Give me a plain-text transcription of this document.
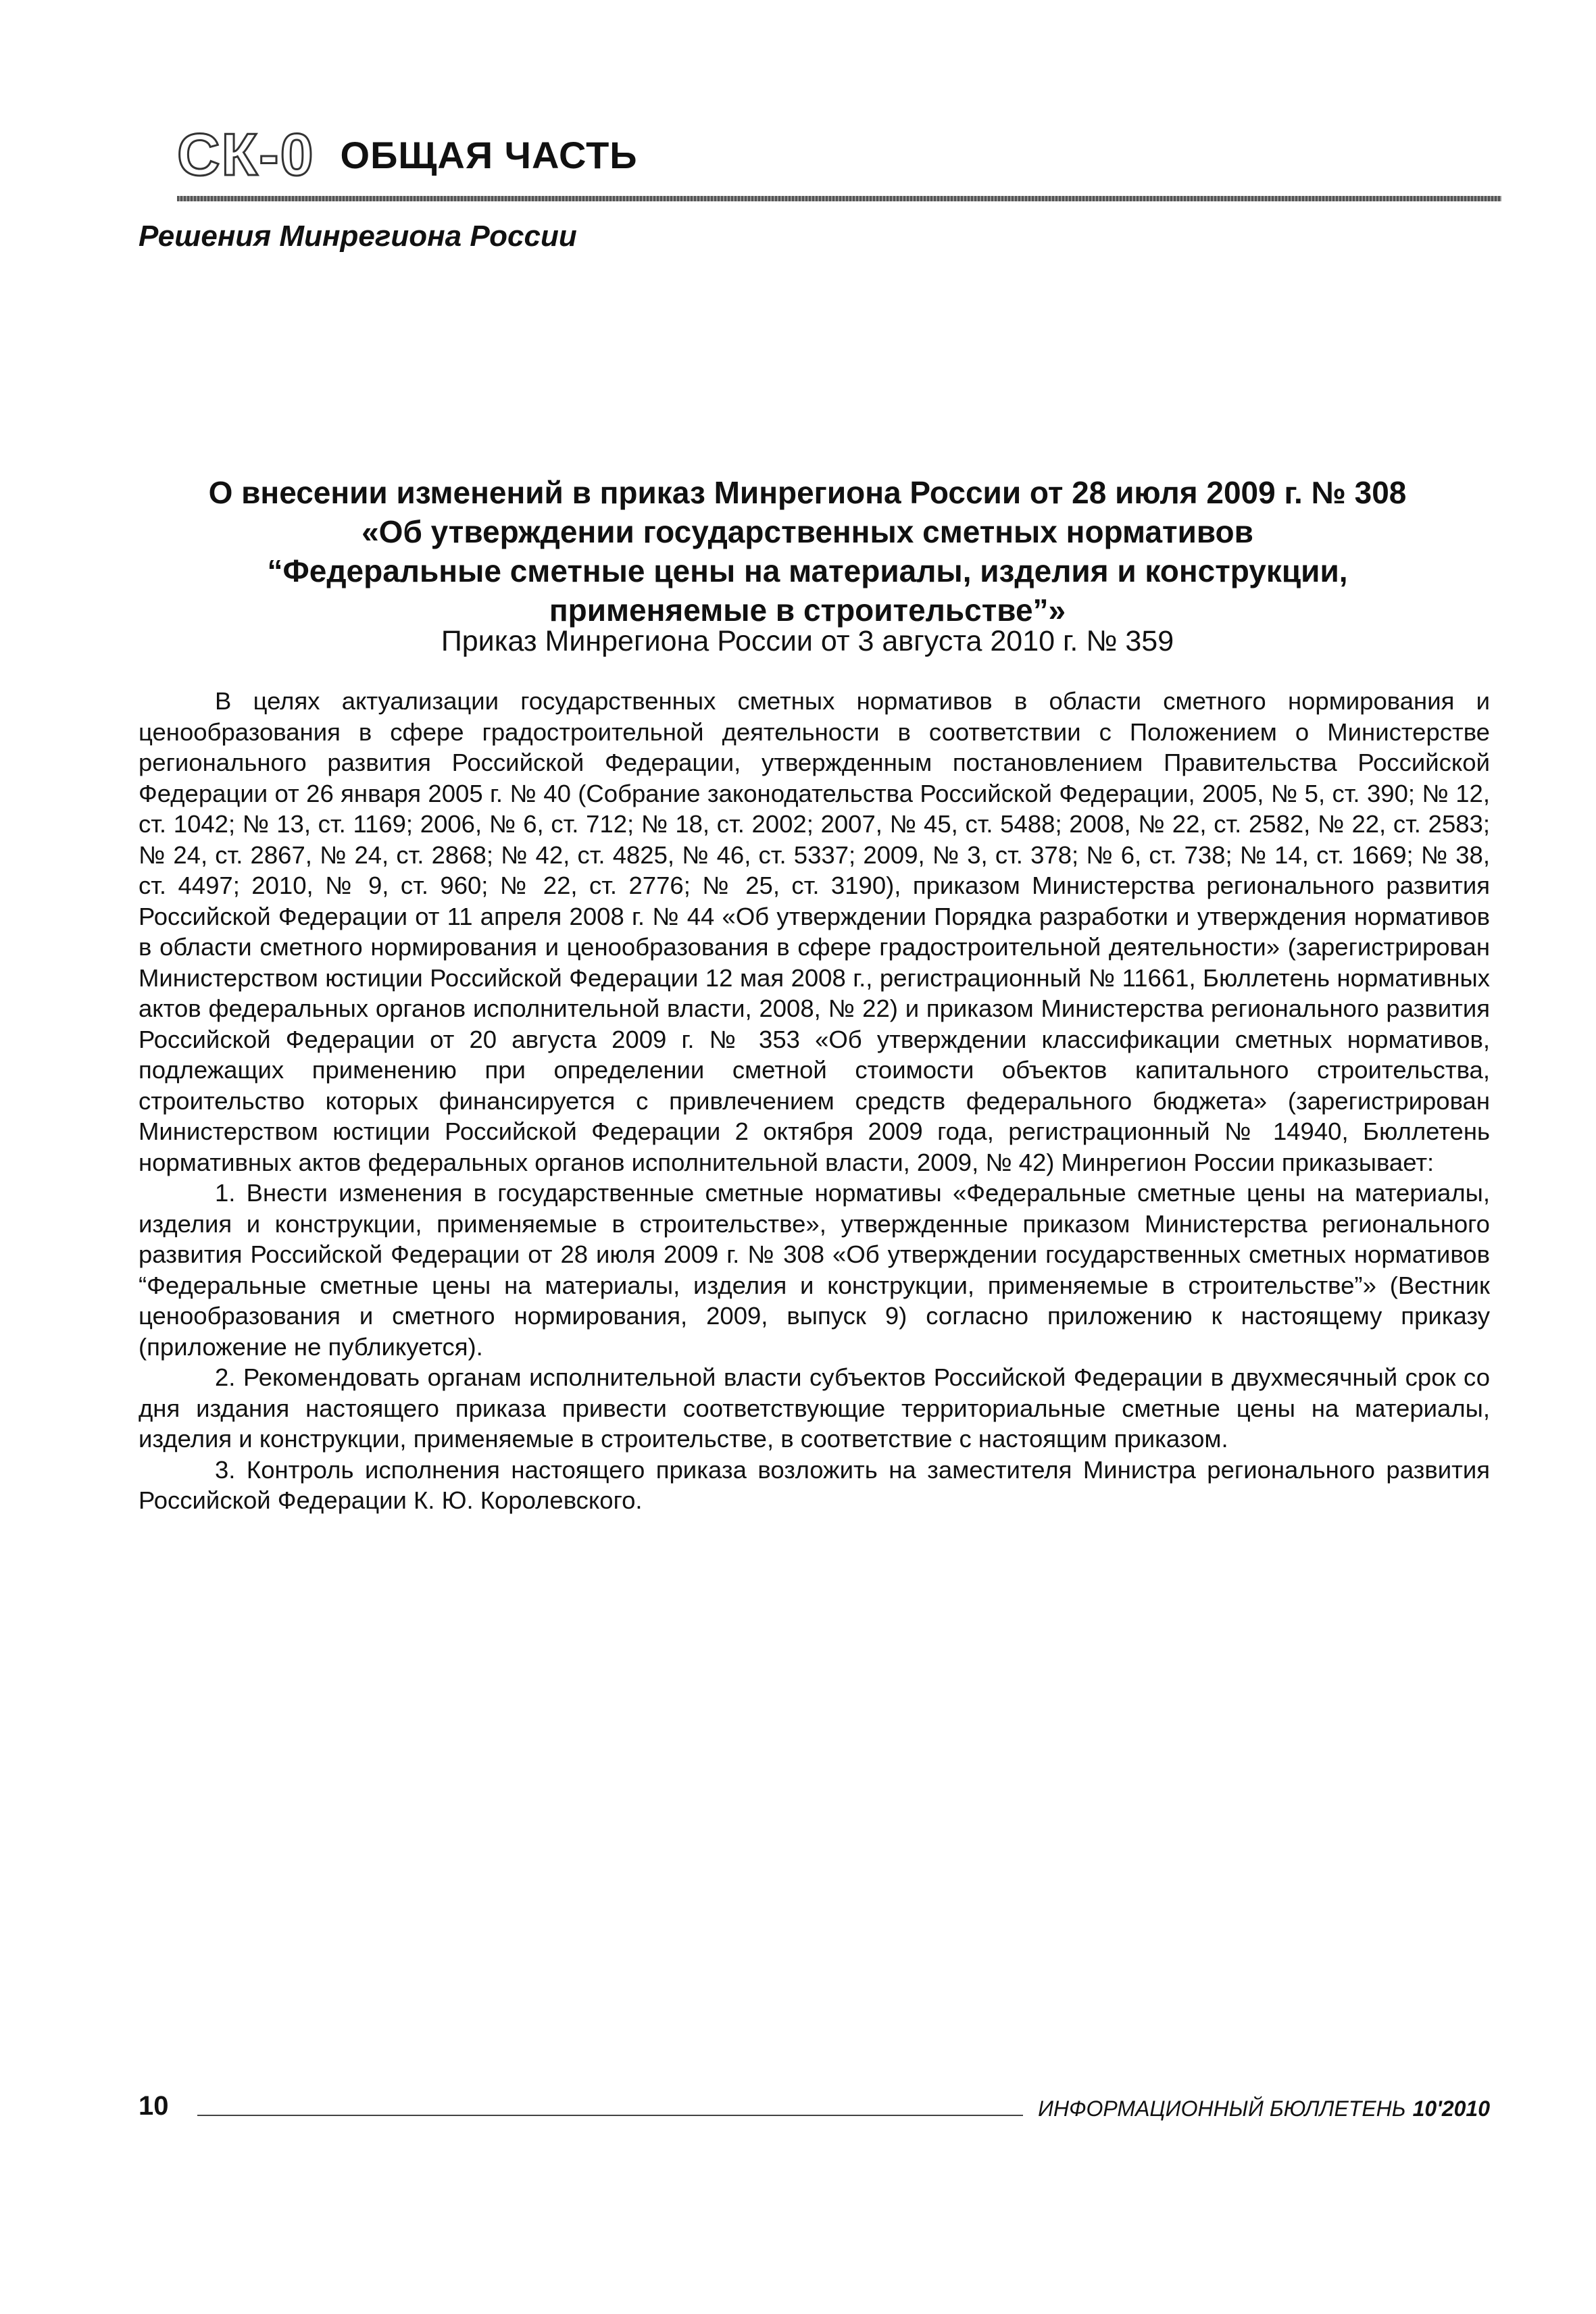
СК-0 ОБЩАЯ ЧАСТЬ
Решения Минрегиона России
О внесении изменений в приказ Минрегиона России от 28 июля 2009 г. № 308
«Об утверждении государственных сметных нормативов
“Федеральные сметные цены на материалы, изделия и конструкции,
применяемые в строительстве”»
Приказ Минрегиона России от 3 августа 2010 г. № 359

В целях актуализации государственных сметных нормативов в области сметного нормирования и ценообразования в сфере градостроительной деятельности в соответствии с Положением о Министерстве регионального развития Российской Федерации, утвержденным постановлением Правительства Российской Федерации от 26 января 2005 г. № 40 (Собрание законодательства Российской Федерации, 2005, № 5, ст. 390; № 12, ст. 1042; № 13, ст. 1169; 2006, № 6, ст. 712; № 18, ст. 2002; 2007, № 45, ст. 5488; 2008, № 22, ст. 2582, № 22, ст. 2583; № 24, ст. 2867, № 24, ст. 2868; № 42, ст. 4825, № 46, ст. 5337; 2009, № 3, ст. 378; № 6, ст. 738; № 14, ст. 1669; № 38, ст. 4497; 2010, № 9, ст. 960; № 22, ст. 2776; № 25, ст. 3190), приказом Министерства регионального развития Российской Федерации от 11 апреля 2008 г. № 44 «Об утверждении Порядка разработки и утверждения нормативов в области сметного нормирования и ценообразования в сфере градостроительной деятельности» (зарегистрирован Министерством юстиции Российской Федерации 12 мая 2008 г., регистрационный № 11661, Бюллетень нормативных актов федеральных органов исполнительной власти, 2008, № 22) и приказом Министерства регионального развития Российской Федерации от 20 августа 2009 г. № 353 «Об утверждении классификации сметных нормативов, подлежащих применению при определении сметной стоимости объектов капитального строительства, строительство которых финансируется с привлечением средств федерального бюджета» (зарегистрирован Министерством юстиции Российской Федерации 2 октября 2009 года, регистрационный № 14940, Бюллетень нормативных актов федеральных органов исполнительной власти, 2009, № 42) Минрегион России приказывает:

1. Внести изменения в государственные сметные нормативы «Федеральные сметные цены на материалы, изделия и конструкции, применяемые в строительстве», утвержденные приказом Министерства регионального развития Российской Федерации от 28 июля 2009 г. № 308 «Об утверждении государственных сметных нормативов “Федеральные сметные цены на материалы, изделия и конструкции, применяемые в строительстве”» (Вестник ценообразования и сметного нормирования, 2009, выпуск 9) согласно приложению к настоящему приказу (приложение не публикуется).

2. Рекомендовать органам исполнительной власти субъектов Российской Федерации в двухмесячный срок со дня издания настоящего приказа привести соответствующие территориальные сметные цены на материалы, изделия и конструкции, применяемые в строительстве, в соответствие с настоящим приказом.

3. Контроль исполнения настоящего приказа возложить на заместителя Министра регионального развития Российской Федерации К. Ю. Королевского.

10	ИНФОРМАЦИОННЫЙ БЮЛЛЕТЕНЬ 10'2010
